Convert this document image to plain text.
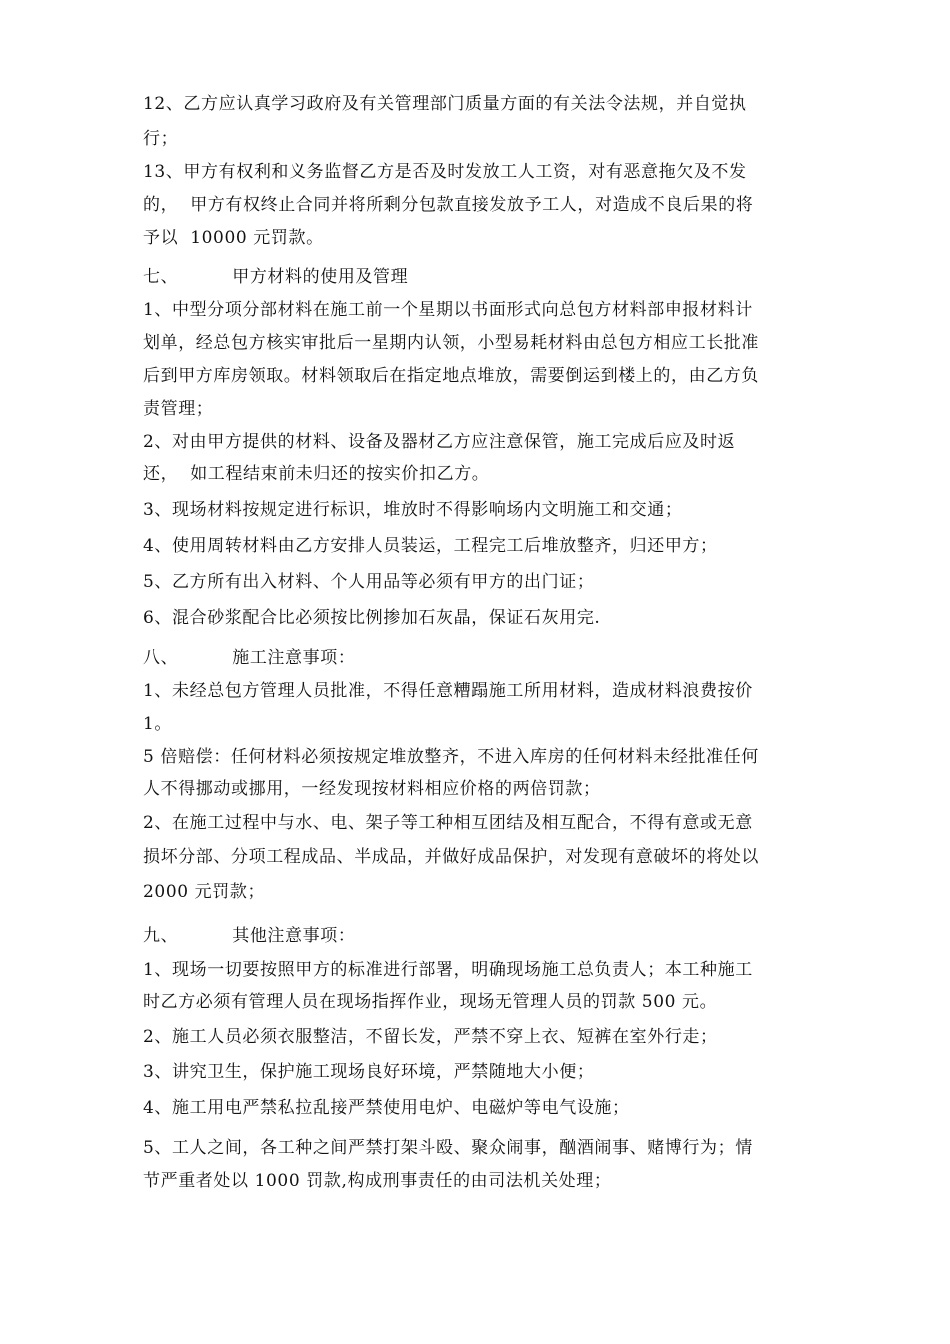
12、乙方应认真学习政府及有关管理部门质量方面的有关法令法规，并自觉执
行；
13、甲方有权利和义务监督乙方是否及时发放工人工资，对有恶意拖欠及不发
的，  甲方有权终止合同并将所剩分包款直接发放予工人，对造成不良后果的将
予以  10000 元罚款。
七、         甲方材料的使用及管理
1、中型分项分部材料在施工前一个星期以书面形式向总包方材料部申报材料计
划单，经总包方核实审批后一星期内认领，小型易耗材料由总包方相应工长批准
后到甲方库房领取。材料领取后在指定地点堆放，需要倒运到楼上的，由乙方负
责管理；
2、对由甲方提供的材料、设备及器材乙方应注意保管，施工完成后应及时返
还，  如工程结束前未归还的按实价扣乙方。
3、现场材料按规定进行标识，堆放时不得影响场内文明施工和交通；
4、使用周转材料由乙方安排人员装运，工程完工后堆放整齐，归还甲方；
5、乙方所有出入材料、个人用品等必须有甲方的出门证；
6、混合砂浆配合比必须按比例掺加石灰晶，保证石灰用完.
八、         施工注意事项：
1、未经总包方管理人员批准，不得任意糟蹋施工所用材料，造成材料浪费按价
1。
5 倍赔偿：任何材料必须按规定堆放整齐，不进入库房的任何材料未经批准任何
人不得挪动或挪用，一经发现按材料相应价格的两倍罚款；
2、在施工过程中与水、电、架子等工种相互团结及相互配合，不得有意或无意
损坏分部、分项工程成品、半成品，并做好成品保护，对发现有意破坏的将处以
2000 元罚款；
九、         其他注意事项：
1、现场一切要按照甲方的标准进行部署，明确现场施工总负责人；本工种施工
时乙方必须有管理人员在现场指挥作业，现场无管理人员的罚款 500 元。
2、施工人员必须衣服整洁，不留长发，严禁不穿上衣、短裤在室外行走；
3、讲究卫生，保护施工现场良好环境，严禁随地大小便；
4、施工用电严禁私拉乱接严禁使用电炉、电磁炉等电气设施；
5、工人之间，各工种之间严禁打架斗殴、聚众闹事，酗酒闹事、赌博行为；情
节严重者处以 1000 罚款,构成刑事责任的由司法机关处理；
